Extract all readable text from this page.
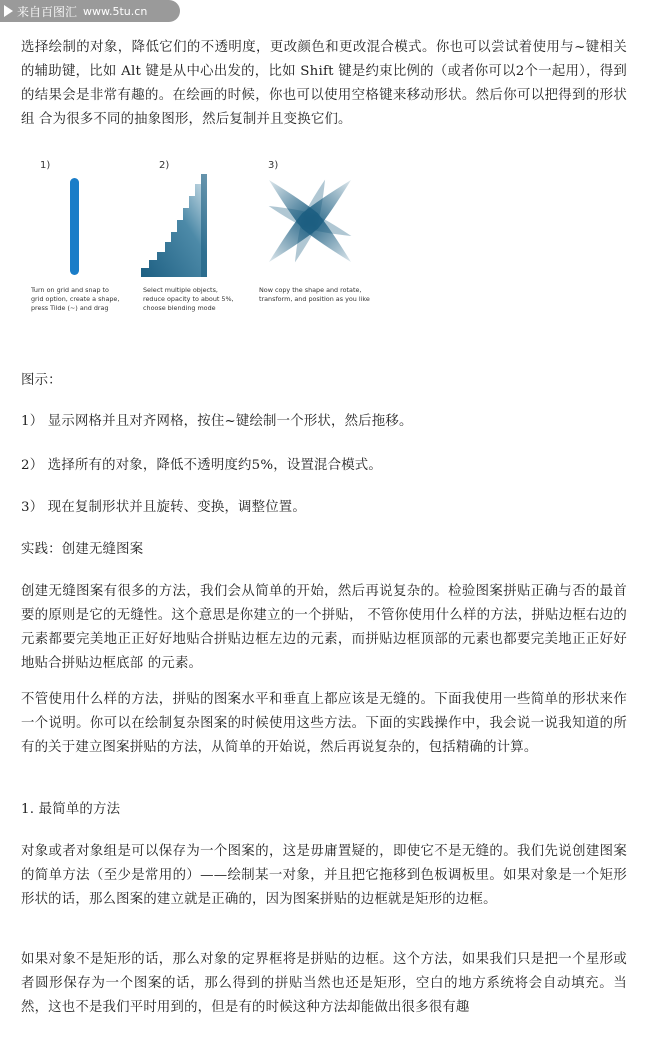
来自百图汇 www.5tu.cn

选择绘制的对象，降低它们的不透明度，更改颜色和更改混合模式。你也可以尝试着使用与~键相关的辅助键，比如 Alt 键是从中心出发的，比如 Shift 键是约束比例的（或者你可以2个一起用），得到的结果会是非常有趣的。在绘画的时候，你也可以使用空格键来移动形状。然后你可以把得到的形状组 合为很多不同的抽象图形，然后复制并且变换它们。

1)	2)	3)
Turn on grid and snap to
grid option, create a shape,
press Tilde (~) and drag
Select multiple objects,
reduce opacity to about 5%,
choose blending mode
Now copy the shape and rotate,
transform, and position as you like

图示：

1） 显示网格并且对齐网格，按住~键绘制一个形状，然后拖移。

2） 选择所有的对象，降低不透明度约5%，设置混合模式。

3） 现在复制形状并且旋转、变换，调整位置。

实践：创建无缝图案

创建无缝图案有很多的方法，我们会从简单的开始，然后再说复杂的。检验图案拼贴正确与否的最首要的原则是它的无缝性。这个意思是你建立的一个拼贴， 不管你使用什么样的方法，拼贴边框右边的元素都要完美地正正好好地贴合拼贴边框左边的元素，而拼贴边框顶部的元素也都要完美地正正好好地贴合拼贴边框底部 的元素。

不管使用什么样的方法，拼贴的图案水平和垂直上都应该是无缝的。下面我使用一些简单的形状来作一个说明。你可以在绘制复杂图案的时候使用这些方法。下面的实践操作中，我会说一说我知道的所有的关于建立图案拼贴的方法，从简单的开始说，然后再说复杂的，包括精确的计算。

1. 最简单的方法

对象或者对象组是可以保存为一个图案的，这是毋庸置疑的，即使它不是无缝的。我们先说创建图案的简单方法（至少是常用的）——绘制某一对象，并且把它拖移到色板调板里。如果对象是一个矩形形状的话，那么图案的建立就是正确的，因为图案拼贴的边框就是矩形的边框。

如果对象不是矩形的话，那么对象的定界框将是拼贴的边框。这个方法，如果我们只是把一个星形或者圆形保存为一个图案的话，那么得到的拼贴当然也还是矩形，空白的地方系统将会自动填充。当然，这也不是我们平时用到的，但是有的时候这种方法却能做出很多很有趣
